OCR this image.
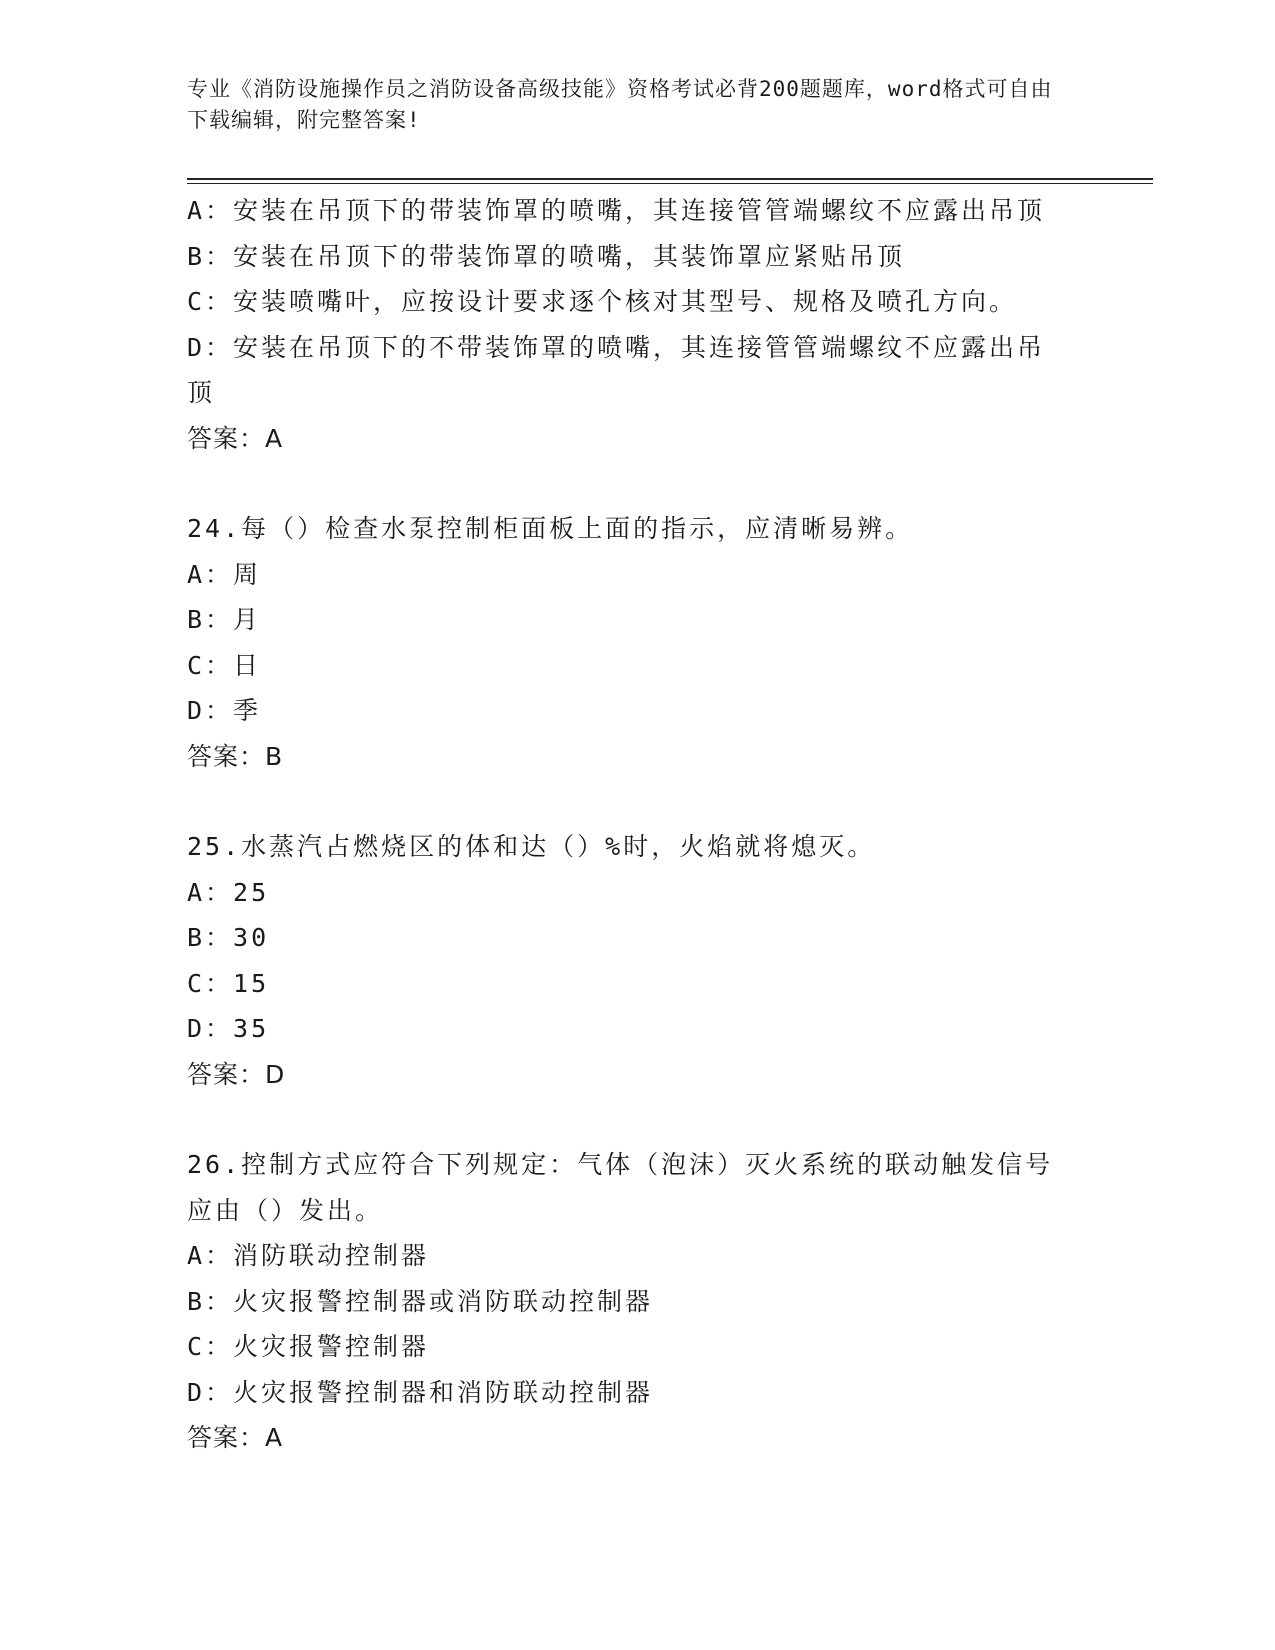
专业《消防设施操作员之消防设备高级技能》资格考试必背200题题库，word格式可自由下载编辑，附完整答案!
A：安装在吊顶下的带装饰罩的喷嘴，其连接管管端螺纹不应露出吊顶
B：安装在吊顶下的带装饰罩的喷嘴，其装饰罩应紧贴吊顶
C：安装喷嘴叶，应按设计要求逐个核对其型号、规格及喷孔方向。
D：安装在吊顶下的不带装饰罩的喷嘴，其连接管管端螺纹不应露出吊顶
答案：A
24.每（）检查水泵控制柜面板上面的指示，应清晰易辨。
A：周
B：月
C：日
D：季
答案：B
25.水蒸汽占燃烧区的体和达（）%时，火焰就将熄灭。
A：25
B：30
C：15
D：35
答案：D
26.控制方式应符合下列规定：气体（泡沫）灭火系统的联动触发信号应由（）发出。
A：消防联动控制器
B：火灾报警控制器或消防联动控制器
C：火灾报警控制器
D：火灾报警控制器和消防联动控制器
答案：A
